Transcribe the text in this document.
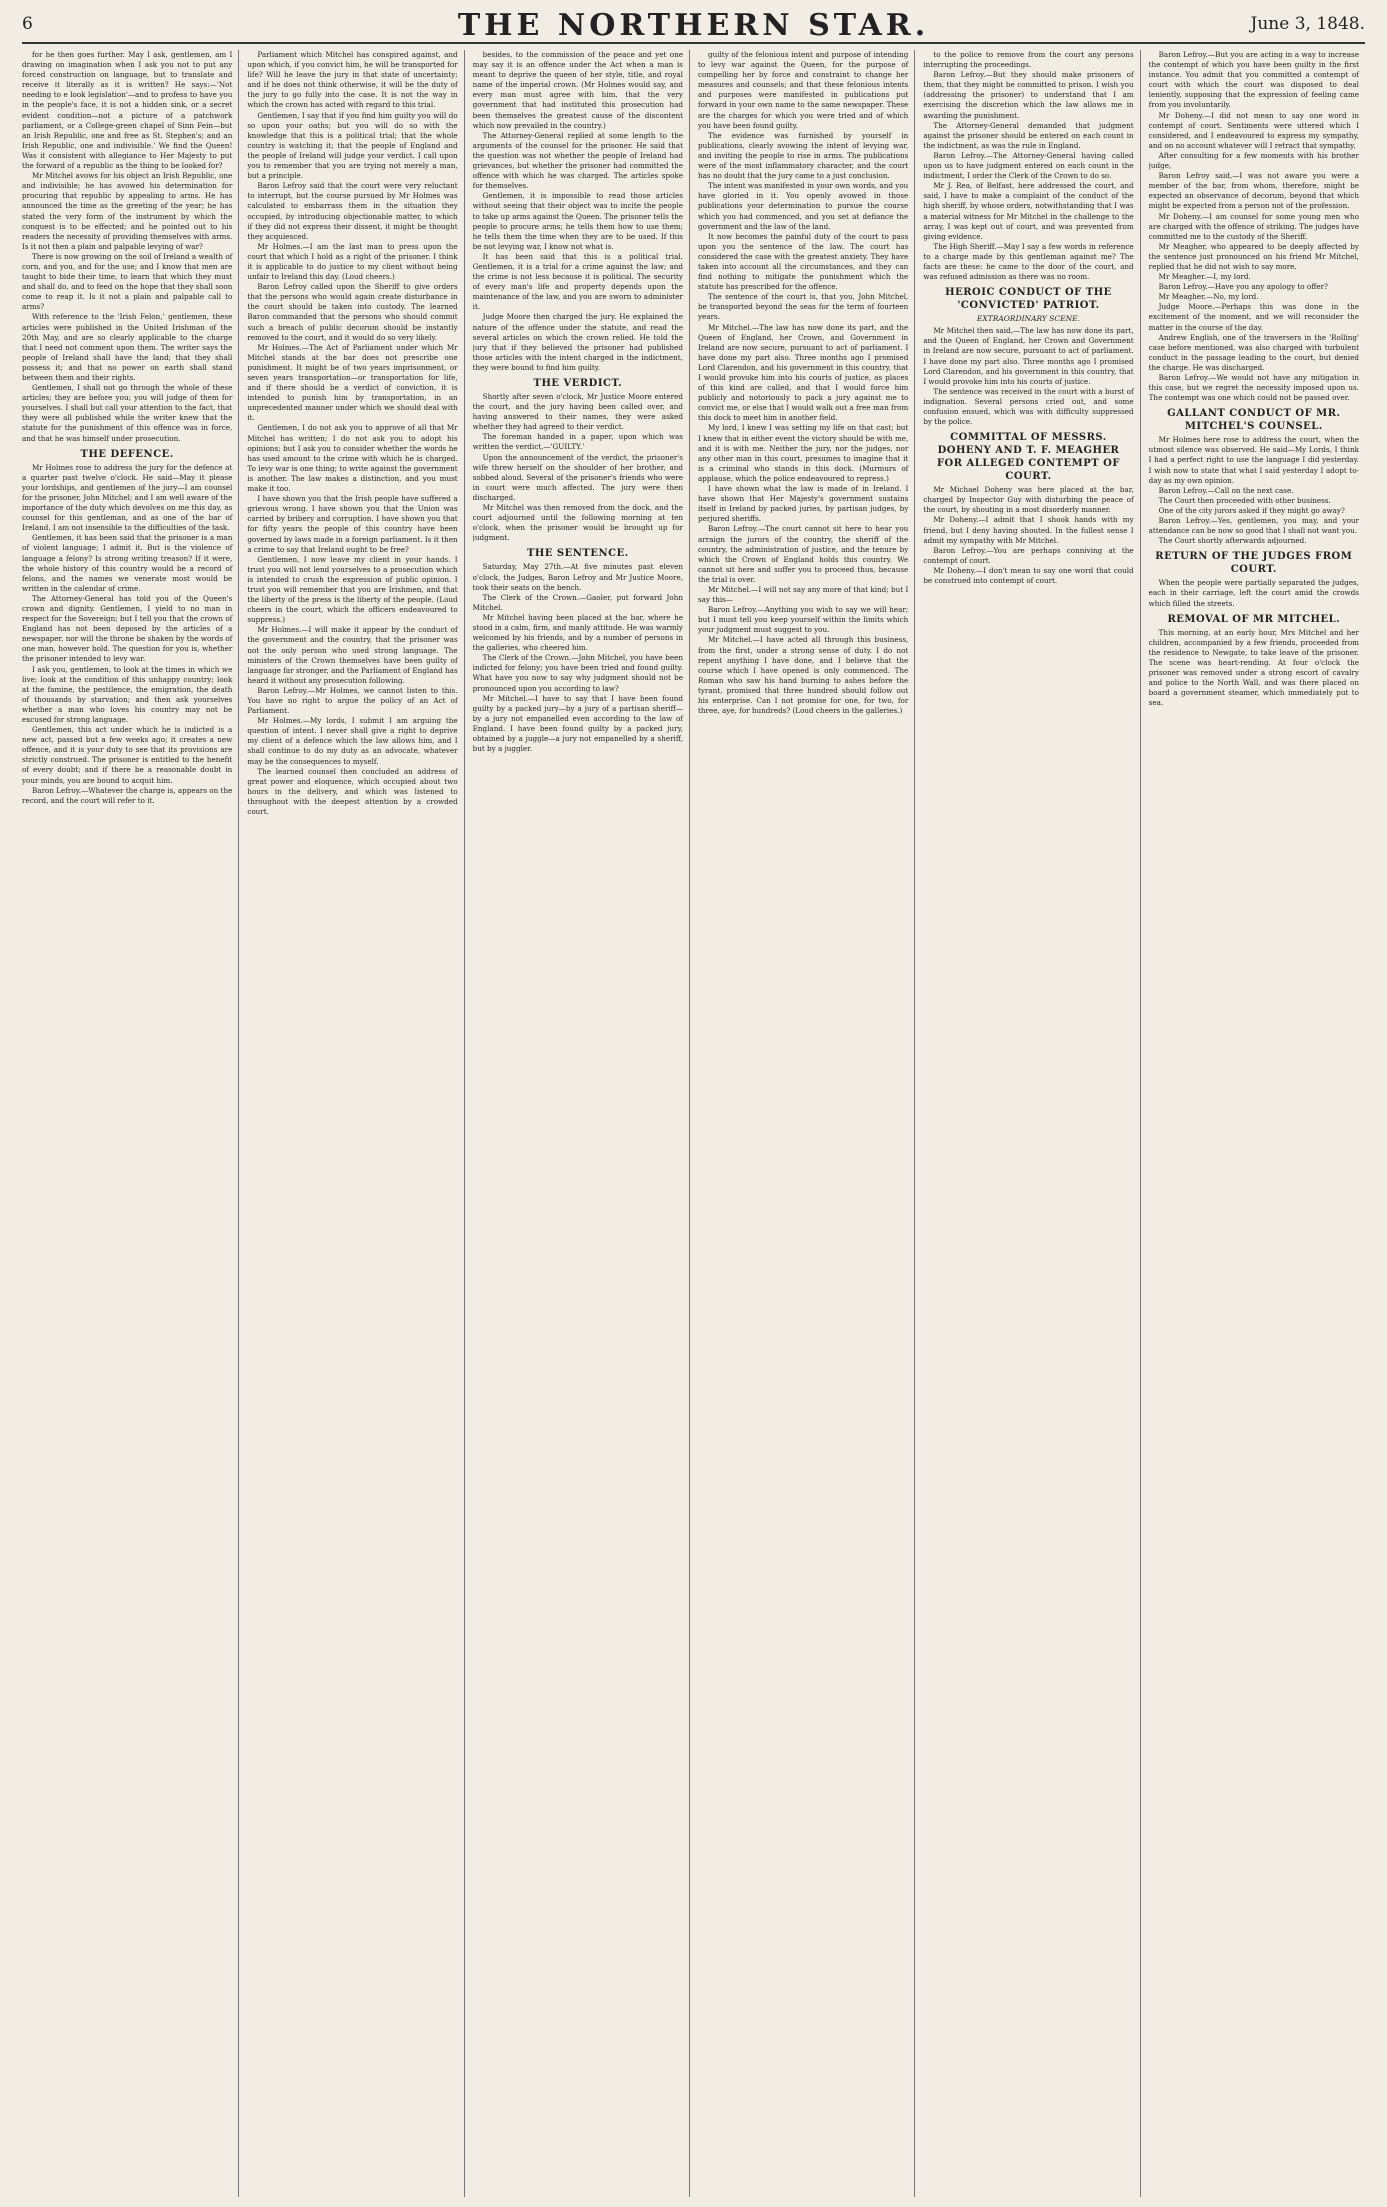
6	THE NORTHERN STAR.	June 3, 1848.

for he then goes further. May I ask, gentlemen, am I drawing on imagination when I ask you not to put any forced construction on language, but to translate and receive it literally as it is written? He says:—'Not needing to e look legislation'—and to profess to have you in the people's face, it is not a hidden sink, or a secret evident condition—not a picture of a patchwork parliament, or a College-green chapel of Sinn Fein—but an Irish Republic, one and free as St. Stephen's; and an Irish Republic, one and indivisible.' We find the Queen! Was it consistent with allegiance to Her Majesty to put the forward of a republic as the thing to be looked for?

Mr Mitchel avows for his object an Irish Republic, one and indivisible; he has avowed his determination for procuring that republic by appealing to arms. He has announced the time as the greeting of the year; he has stated the very form of the instrument by which the conquest is to be effected; and he pointed out to his readers the necessity of providing themselves with arms. Is it not then a plain and palpable levying of war?

There is now growing on the soil of Ireland a wealth of corn, and you, and for the use; and I know that men are taught to bide their time, to learn that which they must and shall do, and to feed on the hope that they shall soon come to reap it. Is it not a plain and palpable call to arms?

With reference to the 'Irish Felon,' gentlemen, these articles were published in the United Irishman of the 20th May, and are so clearly applicable to the charge that I need not comment upon them. The writer says the people of Ireland shall have the land; that they shall possess it; and that no power on earth shall stand between them and their rights.

Gentlemen, I shall not go through the whole of these articles; they are before you; you will judge of them for yourselves. I shall but call your attention to the fact, that they were all published while the writer knew that the statute for the punishment of this offence was in force, and that he was himself under prosecution.

THE DEFENCE.

Mr Holmes rose to address the jury for the defence at a quarter past twelve o'clock. He said—May it please your lordships, and gentlemen of the jury—I am counsel for the prisoner, John Mitchel; and I am well aware of the importance of the duty which devolves on me this day, as counsel for this gentleman, and as one of the bar of Ireland. I am not insensible to the difficulties of the task.

Gentlemen, it has been said that the prisoner is a man of violent language; I admit it. But is the violence of language a felony? Is strong writing treason? If it were, the whole history of this country would be a record of felons, and the names we venerate most would be written in the calendar of crime.

The Attorney-General has told you of the Queen's crown and dignity. Gentlemen, I yield to no man in respect for the Sovereign; but I tell you that the crown of England has not been deposed by the articles of a newspaper, nor will the throne be shaken by the words of one man, however bold. The question for you is, whether the prisoner intended to levy war.

I ask you, gentlemen, to look at the times in which we live; look at the condition of this unhappy country; look at the famine, the pestilence, the emigration, the death of thousands by starvation; and then ask yourselves whether a man who loves his country may not be excused for strong language.

Gentlemen, this act under which he is indicted is a new act, passed but a few weeks ago; it creates a new offence, and it is your duty to see that its provisions are strictly construed. The prisoner is entitled to the benefit of every doubt; and if there be a reasonable doubt in your minds, you are bound to acquit him.

Baron Lefroy.—Whatever the charge is, appears on the record, and the court will refer to it.

Parliament which Mitchel has conspired against, and upon which, if you convict him, he will be transported for life? Will he leave the jury in that state of uncertainty; and if he does not think otherwise, it will be the duty of the jury to go fully into the case. It is not the way in which the crown has acted with regard to this trial.

Gentlemen, I say that if you find him guilty you will do so upon your oaths; but you will do so with the knowledge that this is a political trial; that the whole country is watching it; that the people of England and the people of Ireland will judge your verdict. I call upon you to remember that you are trying not merely a man, but a principle.

Baron Lefroy said that the court were very reluctant to interrupt, but the course pursued by Mr Holmes was calculated to embarrass them in the situation they occupied, by introducing objectionable matter, to which if they did not express their dissent, it might be thought they acquiesced.

Mr Holmes.—I am the last man to press upon the court that which I hold as a right of the prisoner. I think it is applicable to do justice to my client without being unfair to Ireland this day. (Loud cheers.)

Baron Lefroy called upon the Sheriff to give orders that the persons who would again create disturbance in the court should be taken into custody. The learned Baron commanded that the persons who should commit such a breach of public decorum should be instantly removed to the court, and it would do so very likely.

Mr Holmes.—The Act of Parliament under which Mr Mitchel stands at the bar does not prescribe one punishment. It might be of two years imprisonment, or seven years transportation—or transportation for life, and if there should be a verdict of conviction, it is intended to punish him by transportation, in an unprecedented manner under which we should deal with it.

Gentlemen, I do not ask you to approve of all that Mr Mitchel has written; I do not ask you to adopt his opinions; but I ask you to consider whether the words he has used amount to the crime with which he is charged. To levy war is one thing; to write against the government is another. The law makes a distinction, and you must make it too.

I have shown you that the Irish people have suffered a grievous wrong. I have shown you that the Union was carried by bribery and corruption. I have shown you that for fifty years the people of this country have been governed by laws made in a foreign parliament. Is it then a crime to say that Ireland ought to be free?

Gentlemen, I now leave my client in your hands. I trust you will not lend yourselves to a prosecution which is intended to crush the expression of public opinion. I trust you will remember that you are Irishmen, and that the liberty of the press is the liberty of the people. (Loud cheers in the court, which the officers endeavoured to suppress.)

Mr Holmes.—I will make it appear by the conduct of the government and the country, that the prisoner was not the only person who used strong language. The ministers of the Crown themselves have been guilty of language far stronger, and the Parliament of England has heard it without any prosecution following.

Baron Lefroy.—Mr Holmes, we cannot listen to this. You have no right to argue the policy of an Act of Parliament.

Mr Holmes.—My lords, I submit I am arguing the question of intent. I never shall give a right to deprive my client of a defence which the law allows him, and I shall continue to do my duty as an advocate, whatever may be the consequences to myself.

The learned counsel then concluded an address of great power and eloquence, which occupied about two hours in the delivery, and which was listened to throughout with the deepest attention by a crowded court.

besides, to the commission of the peace and yet one may say it is an offence under the Act when a man is meant to deprive the queen of her style, title, and royal name of the imperial crown. (Mr Holmes would say, and every man must agree with him, that the very government that had instituted this prosecution had been themselves the greatest cause of the discontent which now prevailed in the country.)

The Attorney-General replied at some length to the arguments of the counsel for the prisoner. He said that the question was not whether the people of Ireland had grievances, but whether the prisoner had committed the offence with which he was charged. The articles spoke for themselves.

Gentlemen, it is impossible to read those articles without seeing that their object was to incite the people to take up arms against the Queen. The prisoner tells the people to procure arms; he tells them how to use them; he tells them the time when they are to be used. If this be not levying war, I know not what is.

It has been said that this is a political trial. Gentlemen, it is a trial for a crime against the law; and the crime is not less because it is political. The security of every man's life and property depends upon the maintenance of the law, and you are sworn to administer it.

Judge Moore then charged the jury. He explained the nature of the offence under the statute, and read the several articles on which the crown relied. He told the jury that if they believed the prisoner had published those articles with the intent charged in the indictment, they were bound to find him guilty.

THE VERDICT.

Shortly after seven o'clock, Mr Justice Moore entered the court, and the jury having been called over, and having answered to their names, they were asked whether they had agreed to their verdict.

The foreman handed in a paper, upon which was written the verdict,—'GUILTY.'

Upon the announcement of the verdict, the prisoner's wife threw herself on the shoulder of her brother, and sobbed aloud. Several of the prisoner's friends who were in court were much affected. The jury were then discharged.

Mr Mitchel was then removed from the dock, and the court adjourned until the following morning at ten o'clock, when the prisoner would be brought up for judgment.

THE SENTENCE.

Saturday, May 27th.—At five minutes past eleven o'clock, the Judges, Baron Lefroy and Mr Justice Moore, took their seats on the bench.

The Clerk of the Crown.—Gaoler, put forward John Mitchel.

Mr Mitchel having been placed at the bar, where he stood in a calm, firm, and manly attitude. He was warmly welcomed by his friends, and by a number of persons in the galleries, who cheered him.

The Clerk of the Crown.—John Mitchel, you have been indicted for felony; you have been tried and found guilty. What have you now to say why judgment should not be pronounced upon you according to law?

Mr Mitchel.—I have to say that I have been found guilty by a packed jury—by a jury of a partisan sheriff—by a jury not empanelled even according to the law of England. I have been found guilty by a packed jury, obtained by a juggle—a jury not empanelled by a sheriff, but by a juggler.

guilty of the felonious intent and purpose of intending to levy war against the Queen, for the purpose of compelling her by force and constraint to change her measures and counsels; and that these felonious intents and purposes were manifested in publications put forward in your own name to the same newspaper. These are the charges for which you were tried and of which you have been found guilty.

The evidence was furnished by yourself in publications, clearly avowing the intent of levying war, and inviting the people to rise in arms. The publications were of the most inflammatory character, and the court has no doubt that the jury came to a just conclusion.

The intent was manifested in your own words, and you have gloried in it. You openly avowed in those publications your determination to pursue the course which you had commenced, and you set at defiance the government and the law of the land.

It now becomes the painful duty of the court to pass upon you the sentence of the law. The court has considered the case with the greatest anxiety. They have taken into account all the circumstances, and they can find nothing to mitigate the punishment which the statute has prescribed for the offence.

The sentence of the court is, that you, John Mitchel, be transported beyond the seas for the term of fourteen years.

Mr Mitchel.—The law has now done its part, and the Queen of England, her Crown, and Government in Ireland are now secure, pursuant to act of parliament. I have done my part also. Three months ago I promised Lord Clarendon, and his government in this country, that I would provoke him into his courts of justice, as places of this kind are called, and that I would force him publicly and notoriously to pack a jury against me to convict me, or else that I would walk out a free man from this dock to meet him in another field.

My lord, I knew I was setting my life on that cast; but I knew that in either event the victory should be with me, and it is with me. Neither the jury, nor the judges, nor any other man in this court, presumes to imagine that it is a criminal who stands in this dock. (Murmurs of applause, which the police endeavoured to repress.)

I have shown what the law is made of in Ireland. I have shown that Her Majesty's government sustains itself in Ireland by packed juries, by partisan judges, by perjured sheriffs.

Baron Lefroy.—The court cannot sit here to hear you arraign the jurors of the country, the sheriff of the country, the administration of justice, and the tenure by which the Crown of England holds this country. We cannot sit here and suffer you to proceed thus, because the trial is over.

Mr Mitchel.—I will not say any more of that kind; but I say this—

Baron Lefroy.—Anything you wish to say we will hear; but I must tell you keep yourself within the limits which your judgment must suggest to you.

Mr Mitchel.—I have acted all through this business, from the first, under a strong sense of duty. I do not repent anything I have done, and I believe that the course which I have opened is only commenced. The Roman who saw his hand burning to ashes before the tyrant, promised that three hundred should follow out his enterprise. Can I not promise for one, for two, for three, aye, for hundreds? (Loud cheers in the galleries.)

to the police to remove from the court any persons interrupting the proceedings.

Baron Lefroy.—But they should make prisoners of them, that they might be committed to prison. I wish you (addressing the prisoner) to understand that I am exercising the discretion which the law allows me in awarding the punishment.

The Attorney-General demanded that judgment against the prisoner should be entered on each count in the indictment, as was the rule in England.

Baron Lefroy.—The Attorney-General having called upon us to have judgment entered on each count in the indictment, I order the Clerk of the Crown to do so.

Mr J. Rea, of Belfast, here addressed the court, and said, I have to make a complaint of the conduct of the high sheriff, by whose orders, notwithstanding that I was a material witness for Mr Mitchel in the challenge to the array, I was kept out of court, and was prevented from giving evidence.

The High Sheriff.—May I say a few words in reference to a charge made by this gentleman against me? The facts are these: he came to the door of the court, and was refused admission as there was no room.

HEROIC CONDUCT OF THE 'CONVICTED' PATRIOT.
EXTRAORDINARY SCENE.

Mr Mitchel then said,—The law has now done its part, and the Queen of England, her Crown and Government in Ireland are now secure, pursuant to act of parliament. I have done my part also. Three months ago I promised Lord Clarendon, and his government in this country, that I would provoke him into his courts of justice.

The sentence was received in the court with a burst of indignation. Several persons cried out, and some confusion ensued, which was with difficulty suppressed by the police.

COMMITTAL OF MESSRS. DOHENY AND T. F. MEAGHER FOR ALLEGED CONTEMPT OF COURT.

Mr Michael Doheny was here placed at the bar, charged by Inspector Guy with disturbing the peace of the court, by shouting in a most disorderly manner.

Mr Doheny.—I admit that I shook hands with my friend, but I deny having shouted. In the fullest sense I admit my sympathy with Mr Mitchel.

Baron Lefroy.—You are perhaps conniving at the contempt of court.

Mr Doheny.—I don't mean to say one word that could be construed into contempt of court.

Baron Lefroy.—But you are acting in a way to increase the contempt of which you have been guilty in the first instance. You admit that you committed a contempt of court with which the court was disposed to deal leniently, supposing that the expression of feeling came from you involuntarily.

Mr Doheny.—I did not mean to say one word in contempt of court. Sentiments were uttered which I considered, and I endeavoured to express my sympathy, and on no account whatever will I retract that sympathy.

After consulting for a few moments with his brother judge,

Baron Lefroy said,—I was not aware you were a member of the bar, from whom, therefore, might be expected an observance of decorum, beyond that which might be expected from a person not of the profession.

Mr Doheny.—I am counsel for some young men who are charged with the offence of striking. The judges have committed me to the custody of the Sheriff.

Mr Meagher, who appeared to be deeply affected by the sentence just pronounced on his friend Mr Mitchel, replied that he did not wish to say more.

Mr Meagher.—I, my lord.

Baron Lefroy.—Have you any apology to offer?

Mr Meagher.—No, my lord.

Judge Moore.—Perhaps this was done in the excitement of the moment, and we will reconsider the matter in the course of the day.

Andrew English, one of the traversers in the 'Rolling' case before mentioned, was also charged with turbulent conduct in the passage leading to the court, but denied the charge. He was discharged.

Baron Lefroy.—We would not have any mitigation in this case, but we regret the necessity imposed upon us. The contempt was one which could not be passed over.

GALLANT CONDUCT OF MR. MITCHEL'S COUNSEL.

Mr Holmes here rose to address the court, when the utmost silence was observed. He said—My Lords, I think I had a perfect right to use the language I did yesterday. I wish now to state that what I said yesterday I adopt to-day as my own opinion.

Baron Lefroy.—Call on the next case.

The Court then proceeded with other business.

One of the city jurors asked if they might go away?

Baron Lefroy.—Yes, gentlemen, you may, and your attendance can be now so good that I shall not want you.

The Court shortly afterwards adjourned.

RETURN OF THE JUDGES FROM COURT.

When the people were partially separated the judges, each in their carriage, left the court amid the crowds which filled the streets.

REMOVAL OF MR MITCHEL.

This morning, at an early hour, Mrs Mitchel and her children, accompanied by a few friends, proceeded from the residence to Newgate, to take leave of the prisoner. The scene was heart-rending. At four o'clock the prisoner was removed under a strong escort of cavalry and police to the North Wall, and was there placed on board a government steamer, which immediately put to sea.
